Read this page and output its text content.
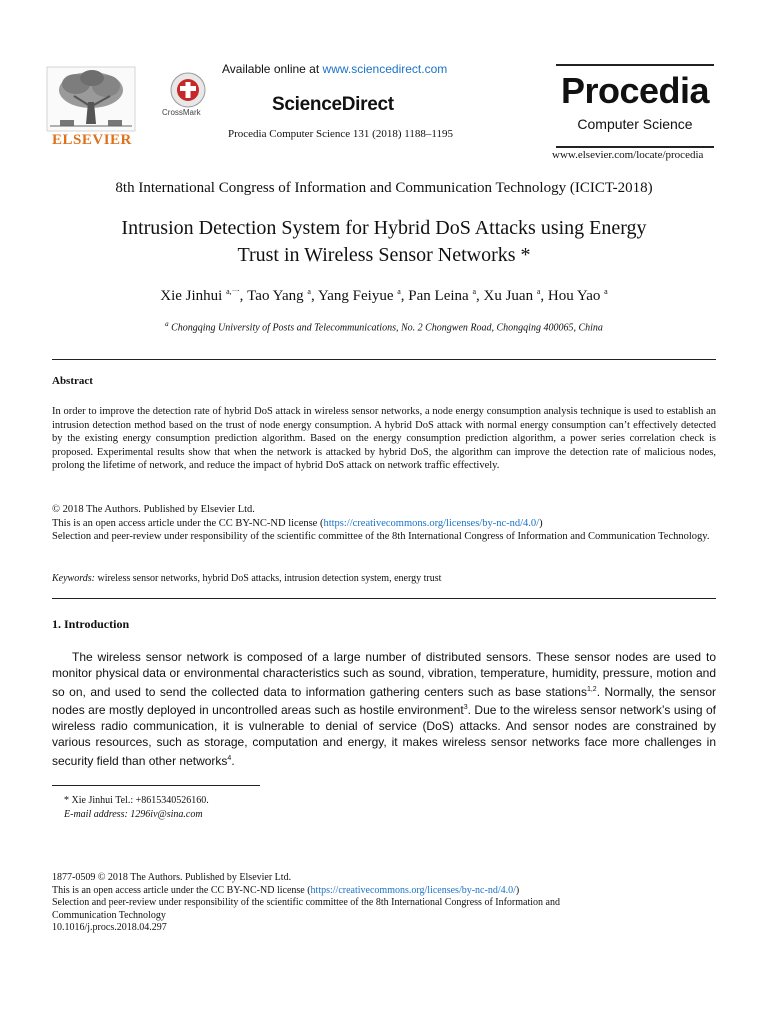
ELSEVIER
CrossMark
Available online at www.sciencedirect.com
ScienceDirect
Procedia Computer Science 131 (2018) 1188–1195
Procedia
Computer Science
www.elsevier.com/locate/procedia
8th International Congress of Information and Communication Technology (ICICT-2018)
Intrusion Detection System for Hybrid DoS Attacks using Energy
Trust in Wireless Sensor Networks *
Xie Jinhui $^{a,一}$, Tao Yang $^a$, Yang Feiyue $^a$, Pan Leina $^a$, Xu Juan $^a$, Hou Yao $^a$
$^a$ Chongqing University of Posts and Telecommunications, No. 2 Chongwen Road, Chongqing 400065, China
Abstract
In order to improve the detection rate of hybrid DoS attack in wireless sensor networks, a node energy consumption analysis technique is used to establish an intrusion detection method based on the trust of node energy consumption. A hybrid DoS attack with normal energy consumption can’t effectively detected by the existing energy consumption prediction algorithm. Based on the energy consumption prediction algorithm, a power series correlation check is proposed. Experimental results show that when the network is attacked by hybrid DoS, the algorithm can improve the detection rate of malicious nodes, prolong the lifetime of network, and reduce the impact of hybrid DoS attack on network traffic effectively.
© 2018 The Authors. Published by Elsevier Ltd.
This is an open access article under the CC BY-NC-ND license (https://creativecommons.org/licenses/by-nc-nd/4.0/)
Selection and peer-review under responsibility of the scientific committee of the 8th International Congress of Information and Communication Technology.
Keywords: wireless sensor networks, hybrid DoS attacks, intrusion detection system, energy trust
1. Introduction
The wireless sensor network is composed of a large number of distributed sensors. These sensor nodes are used to monitor physical data or environmental characteristics such as sound, vibration, temperature, humidity, pressure, motion and so on, and used to send the collected data to information gathering centers such as base stations$^{1,2}$. Normally, the sensor nodes are mostly deployed in uncontrolled areas such as hostile environment$^3$. Due to the wireless sensor network’s using of wireless radio communication, it is vulnerable to denial of service (DoS) attacks. And sensor nodes are constrained by various resources, such as storage, computation and energy, it makes wireless sensor networks face more challenges in security field than other networks$^4$.
* Xie Jinhui Tel.: +8615340526160.
E-mail address: 1296iv@sina.com
1877-0509 © 2018 The Authors. Published by Elsevier Ltd.
This is an open access article under the CC BY-NC-ND license (https://creativecommons.org/licenses/by-nc-nd/4.0/)
Selection and peer-review under responsibility of the scientific committee of the 8th International Congress of Information and
Communication Technology
10.1016/j.procs.2018.04.297
